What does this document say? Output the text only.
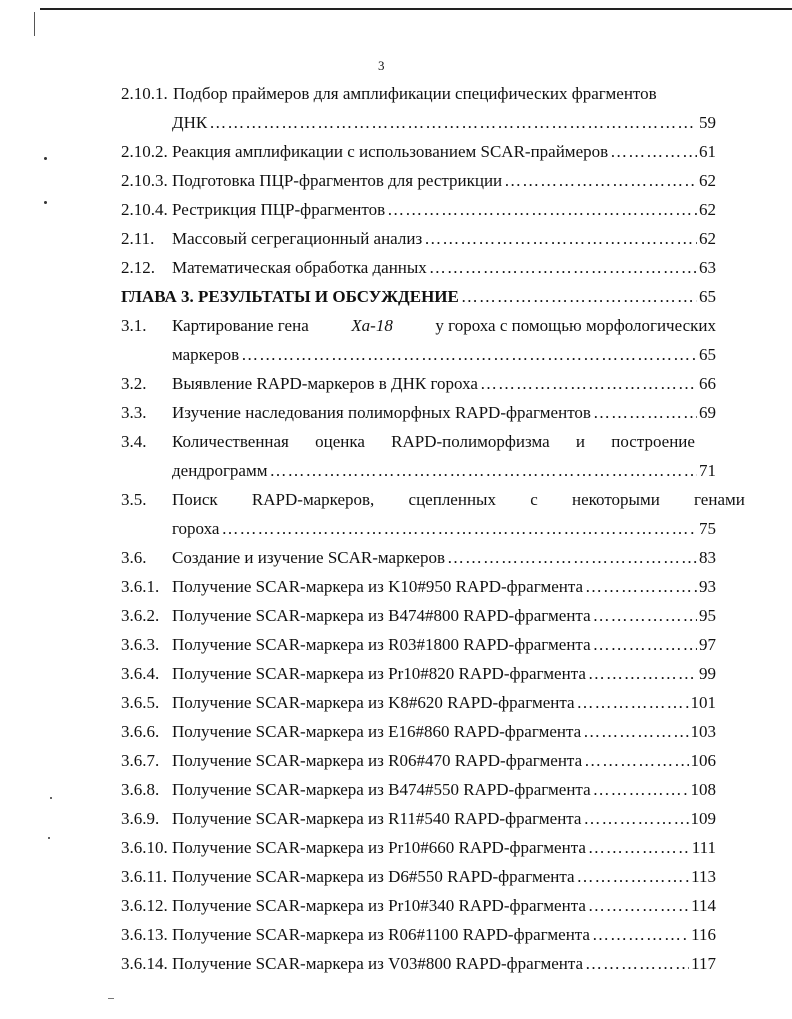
3
2.10.1. Подбор праймеров для амплификации специфических фрагментов
ДНК ……………………………………………………………………………………………………………………………………	59
2.10.2. Реакция амплификации с использованием SCAR-праймеров ……………………………………………………………………………………………………………………………………	61
2.10.3. Подготовка ПЦР-фрагментов для рестрикции ……………………………………………………………………………………………………………………………………	62
2.10.4. Рестрикция ПЦР-фрагментов ……………………………………………………………………………………………………………………………………	62
2.11. Массовый сегрегационный анализ ……………………………………………………………………………………………………………………………………	62
2.12. Математическая обработка данных ……………………………………………………………………………………………………………………………………	63
ГЛАВА 3. РЕЗУЛЬТАТЫ И ОБСУЖДЕНИЕ ……………………………………………………………………………………………………………………………………	65
3.1. Картирование гена	Xa-18	у гороха с помощью морфологических
маркеров ……………………………………………………………………………………………………………………………………	65
3.2. Выявление RAPD-маркеров в ДНК гороха ……………………………………………………………………………………………………………………………………	66
3.3. Изучение наследования полиморфных RAPD-фрагментов ……………………………………………………………………………………………………………………………………	69
3.4. Количественная оценка RAPD-полиморфизма и построение
дендрограмм ……………………………………………………………………………………………………………………………………	71
3.5. Поиск RAPD-маркеров, сцепленных с некоторыми генами
гороха ……………………………………………………………………………………………………………………………………	75
3.6. Создание и изучение SCAR-маркеров ……………………………………………………………………………………………………………………………………	83
3.6.1. Получение SCAR-маркера из K10#950 RAPD-фрагмента ……………………………………………………………………………………………………………………………………	93
3.6.2. Получение SCAR-маркера из B474#800 RAPD-фрагмента ……………………………………………………………………………………………………………………………………	95
3.6.3. Получение SCAR-маркера из R03#1800 RAPD-фрагмента ……………………………………………………………………………………………………………………………………	97
3.6.4. Получение SCAR-маркера из Pr10#820 RAPD-фрагмента ……………………………………………………………………………………………………………………………………	99
3.6.5. Получение SCAR-маркера из K8#620 RAPD-фрагмента ……………………………………………………………………………………………………………………………………	101
3.6.6. Получение SCAR-маркера из E16#860 RAPD-фрагмента ……………………………………………………………………………………………………………………………………	103
3.6.7. Получение SCAR-маркера из R06#470 RAPD-фрагмента ……………………………………………………………………………………………………………………………………	106
3.6.8. Получение SCAR-маркера из B474#550 RAPD-фрагмента ……………………………………………………………………………………………………………………………………	108
3.6.9. Получение SCAR-маркера из R11#540 RAPD-фрагмента ……………………………………………………………………………………………………………………………………	109
3.6.10. Получение SCAR-маркера из Pr10#660 RAPD-фрагмента ……………………………………………………………………………………………………………………………………	111
3.6.11. Получение SCAR-маркера из D6#550 RAPD-фрагмента ……………………………………………………………………………………………………………………………………	113
3.6.12. Получение SCAR-маркера из Pr10#340 RAPD-фрагмента ……………………………………………………………………………………………………………………………………	114
3.6.13. Получение SCAR-маркера из R06#1100 RAPD-фрагмента ……………………………………………………………………………………………………………………………………	116
3.6.14. Получение SCAR-маркера из V03#800 RAPD-фрагмента ……………………………………………………………………………………………………………………………………	117
